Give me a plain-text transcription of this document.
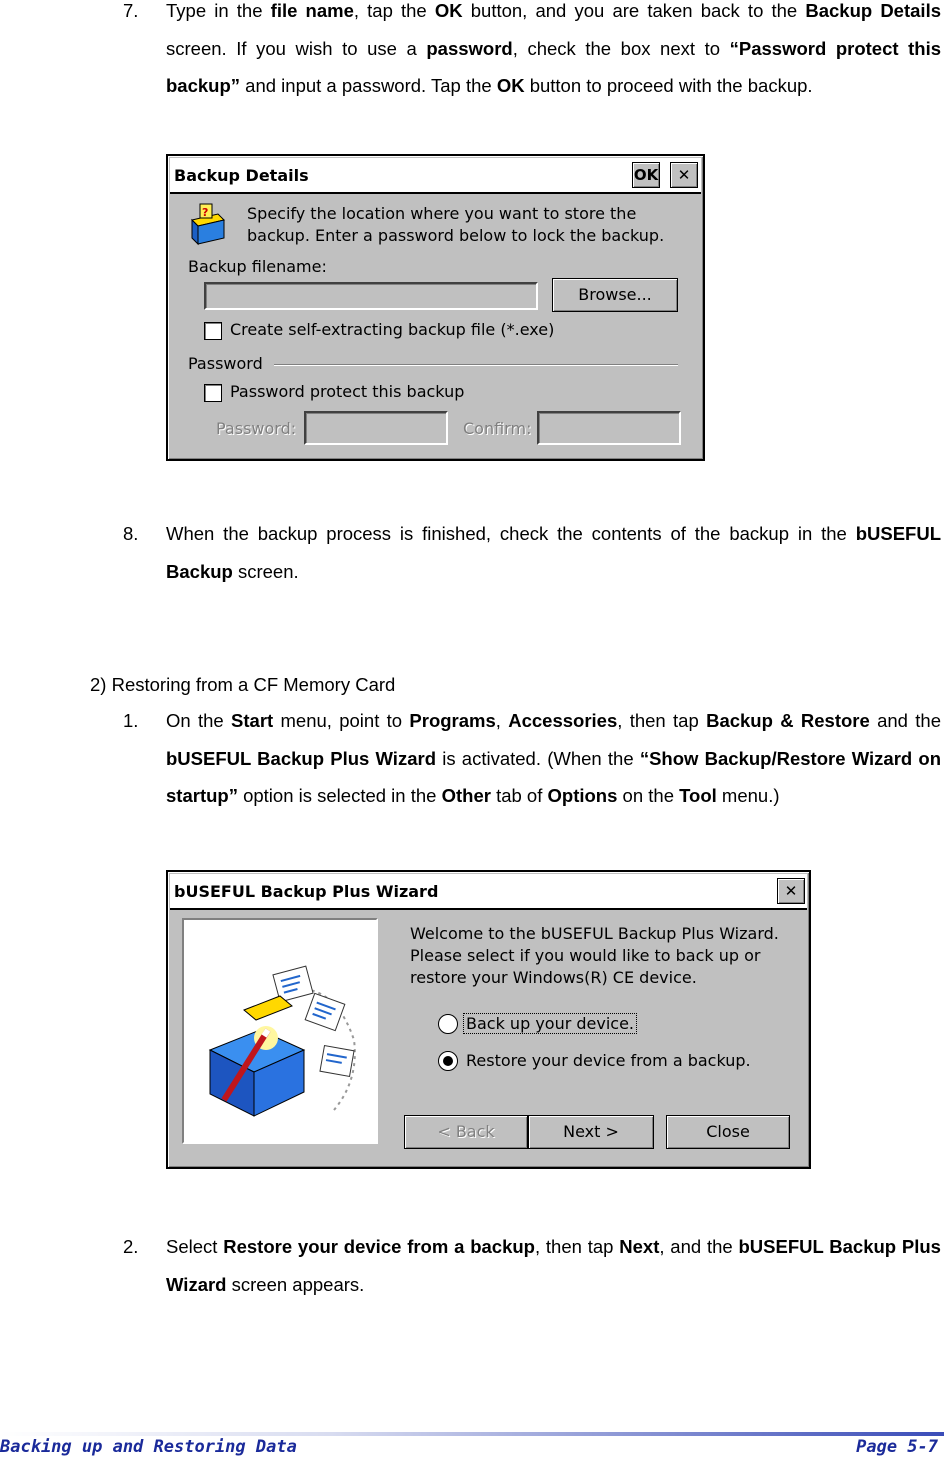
7. Type in the file name, tap the OK button, and you are taken back to the Backup Details screen. If you wish to use a password, check the box next to “Password protect this backup” and input a password. Tap the OK button to proceed with the backup.
Backup Details	OK	✕
? Specify the location where you want to store the
backup. Enter a password below to lock the backup.
Backup filename:
Browse...
Create self-extracting backup file (*.exe)
Password
Password protect this backup
Password:	Confirm:
8. When the backup process is finished, check the contents of the backup in the bUSEFUL Backup screen.
2) Restoring from a CF Memory Card
1. On the Start menu, point to Programs, Accessories, then tap Backup & Restore and the bUSEFUL Backup Plus Wizard is activated. (When the “Show Backup/Restore Wizard on startup” option is selected in the Other tab of Options on the Tool menu.)
bUSEFUL Backup Plus Wizard	✕
Welcome to the bUSEFUL Backup Plus Wizard.
Please select if you would like to back up or
restore your Windows(R) CE device.
Back up your device.
Restore your device from a backup.
< Back	Next >	Close
2. Select Restore your device from a backup, then tap Next, and the bUSEFUL Backup Plus Wizard screen appears.
Backing up and Restoring Data	Page 5-7
